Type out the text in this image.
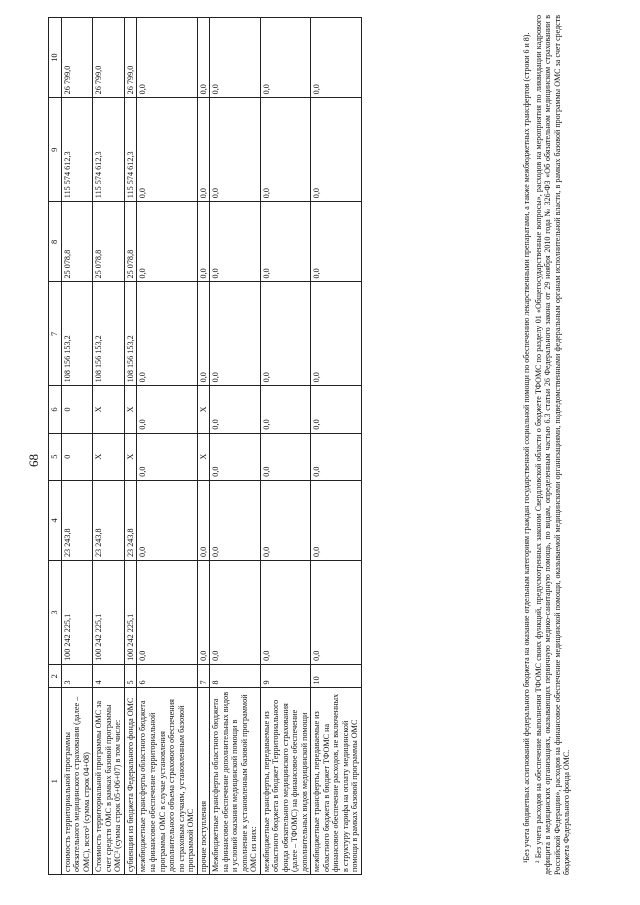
68
1	2	3	4	5	6	7	8	9	10
стоимость территориальной программы обязательного медицинского страхования (далее – ОМС), всего³ (сумма строк 04+08)	3	100 242 225,1	23 243,8	0	0	108 156 153,2	25 078,8	115 574 612,3	26 799,0
Стоимость территориальной программы ОМС за счет средств ОМС в рамках базовой программы ОМС³ (сумма строк 05+06+07) в том числе:	4	100 242 225,1	23 243,8	X	X	108 156 153,2	25 078,8	115 574 612,3	26 799,0
субвенции из бюджета Федерального фонда ОМС	5	100 242 225,1	23 243,8	X	X	108 156 153,2	25 078,8	115 574 612,3	26 799,0
межбюджетные трансферты областного бюджета на финансовое обеспечение территориальной программы ОМС в случае установления дополнительного объема страхового обеспечения по страховым случаям, установленным базовой программой ОМС	6	0,0	0,0	0,0	0,0	0,0	0,0	0,0	0,0
прочие поступления	7	0,0	0,0	X	X	0,0	0,0	0,0	0,0
Межбюджетные трансферты областного бюджета на финансовое обеспечение дополнительных видов и условий оказания медицинской помощи в дополнение к установленным базовой программой ОМС из них:	8	0,0	0,0	0,0	0,0	0,0	0,0	0,0	0,0
межбюджетные трансферты, передаваемые из областного бюджета в бюджет Территориального фонда обязательного медицинского страхования (далее – ТФОМС) на финансовое обеспечение дополнительных видов медицинской помощи	9	0,0	0,0	0,0	0,0	0,0	0,0	0,0	0,0
межбюджетные трансферты, передаваемые из областного бюджета в бюджет ТФОМС на финансовое обеспечение расходов, не включенных в структуру тарифа на оплату медицинской помощи в рамках базовой программы ОМС	10	0,0	0,0	0,0	0,0	0,0	0,0	0,0	0,0	¹Без учета бюджетных ассигнований федерального бюджета на оказание отдельным категориям граждан государственной социальной помощи по обеспечению лекарственными препаратами, а также межбюджетных трансфертов (строки 6 и 8). ² Без учета расходов на обеспечение выполнения ТФОМС своих функций, предусмотренных законом Свердловской области о бюджете ТФОМС по разделу 01 «Общегосударственные вопросы», расходов на мероприятия по ликвидации кадрового дефицита в медицинских организациях, оказывающих первичную медико-санитарную помощь, по видам, определенным частью 6.3 статьи 26 Федерального закона от 29 ноября 2010 года № 326-ФЗ «Об обязательном медицинском страховании в Российской Федерации», расходов на финансовое обеспечение медицинской помощи, оказываемой медицинскими организациями, подведомственными федеральным органам исполнительной власти, в рамках базовой программы ОМС за счет средств бюджета Федерального фонда ОМС.
